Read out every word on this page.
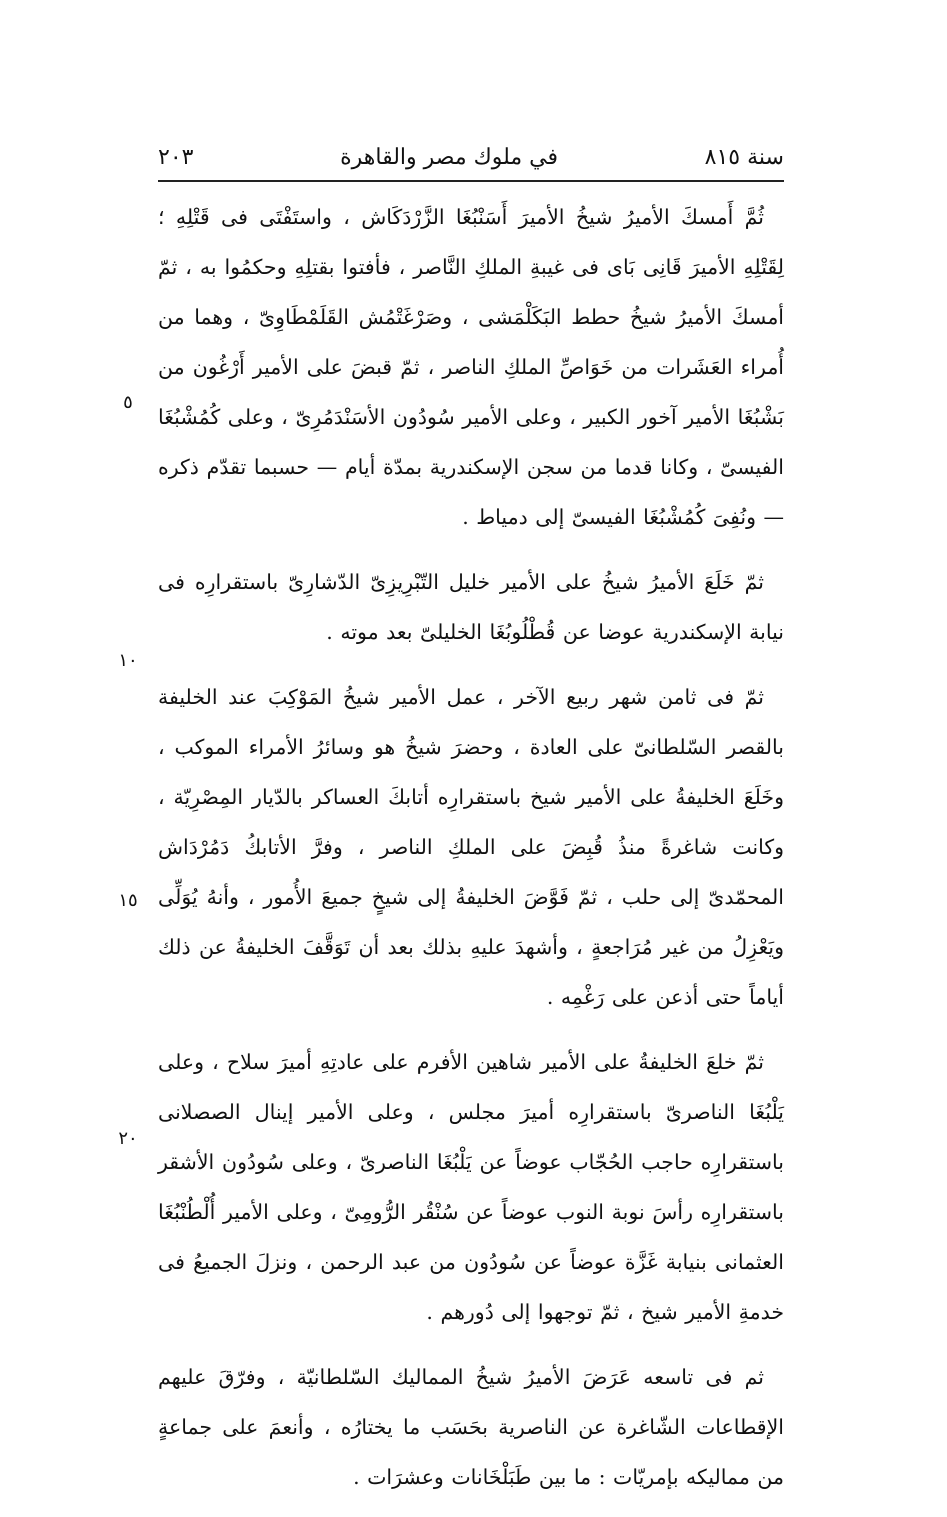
سنة ٨١٥
في ملوك مصر والقاهرة
٢٠٣

ثُمَّ أَمسكَ الأميرُ شيخُ الأميرَ أَسَنْبُغَا الزَّرْدَكَاش ، واستَفْتَى فى قَتْلِهِ ؛ لِقَتْلِهِ الأميرَ قَانِى بَاى فى غيبةِ الملكِ النَّاصر ، فأفتوا بقتلِهِ وحكمُوا به ، ثمّ أمسكَ الأميرُ شيخُ حطط البَكَلْمَشى ، وصَرْغَتْمُش القَلَمْطَاوِىّ ، وهما من أُمراء العَشَرات من خَوَاصِّ الملكِ الناصر ، ثمّ قبضَ على الأمير أَرْغُون من بَشْبُغَا الأمير آخور الكبير ، وعلى الأمير سُودُون الأسَنْدَمُرِىّ ، وعلى كُمُشْبُغَا الفيسىّ ، وكانا قدما من سجن الإسكندرية بمدّة أيام — حسبما تقدّم ذكره — ونُفِىَ كُمُشْبُغَا الفيسىّ إلى دمياط .

ثمّ خَلَعَ الأميرُ شيخُ على الأمير خليل التّبْرِيزِىّ الدّشارِىّ باستقرارِه فى نيابة الإسكندرية عوضا عن قُطْلُوبُغَا الخليلىّ بعد موته .

ثمّ فى ثامن شهر ربيع الآخر ، عمل الأمير شيخُ المَوْكِبَ عند الخليفة بالقصر السّلطانىّ على العادة ، وحضرَ شيخُ هو وسائرُ الأمراء الموكب ، وخَلَعَ الخليفةُ على الأمير شيخ باستقرارِه أتابكَ العساكر بالدّيار المِصْرِيّة ، وكانت شاغرةً منذُ قُبِضَ على الملكِ الناصر ، وفرَّ الأتابكُ دَمُرْدَاش المحمّدىّ إلى حلب ، ثمّ فَوَّضَ الخليفةُ إلى شيخٍ جميعَ الأُمور ، وأنهُ يُوَلِّى ويَعْزِلُ من غير مُرَاجعةٍ ، وأشهدَ عليهِ بذلك بعد أن تَوَقَّفَ الخليفةُ عن ذلك أياماً حتى أذعن على رَغْمِه .

ثمّ خلعَ الخليفةُ على الأمير شاهين الأفرم على عادتِهِ أميرَ سلاح ، وعلى يَلْبُغَا الناصرىّ باستقرارِه أميرَ مجلس ، وعلى الأمير إينال الصصلانى باستقرارِه حاجب الحُجّاب عوضاً عن يَلْبُغَا الناصرىّ ، وعلى سُودُون الأشقر باستقرارِه رأسَ نوبة النوب عوضاً عن سُنْقُر الرُّومِىّ ، وعلى الأمير أُلْطُنْبُغَا العثمانى بنيابة غَزَّة عوضاً عن سُودُون من عبد الرحمن ، ونزلَ الجميعُ فى خدمةِ الأمير شيخ ، ثمّ توجهوا إلى دُورهم .

ثم فى تاسعه عَرَضَ الأميرُ شيخُ المماليك السّلطانيّة ، وفرّقَ عليهم الإقطاعات الشّاغرة عن الناصرية بحَسَب ما يختارُه ، وأنعمَ على جماعةٍ من مماليكه بإمريّات : ما بين طَبَلْخَانات وعشرَات .

٥
١٠
١٥
٢٠
